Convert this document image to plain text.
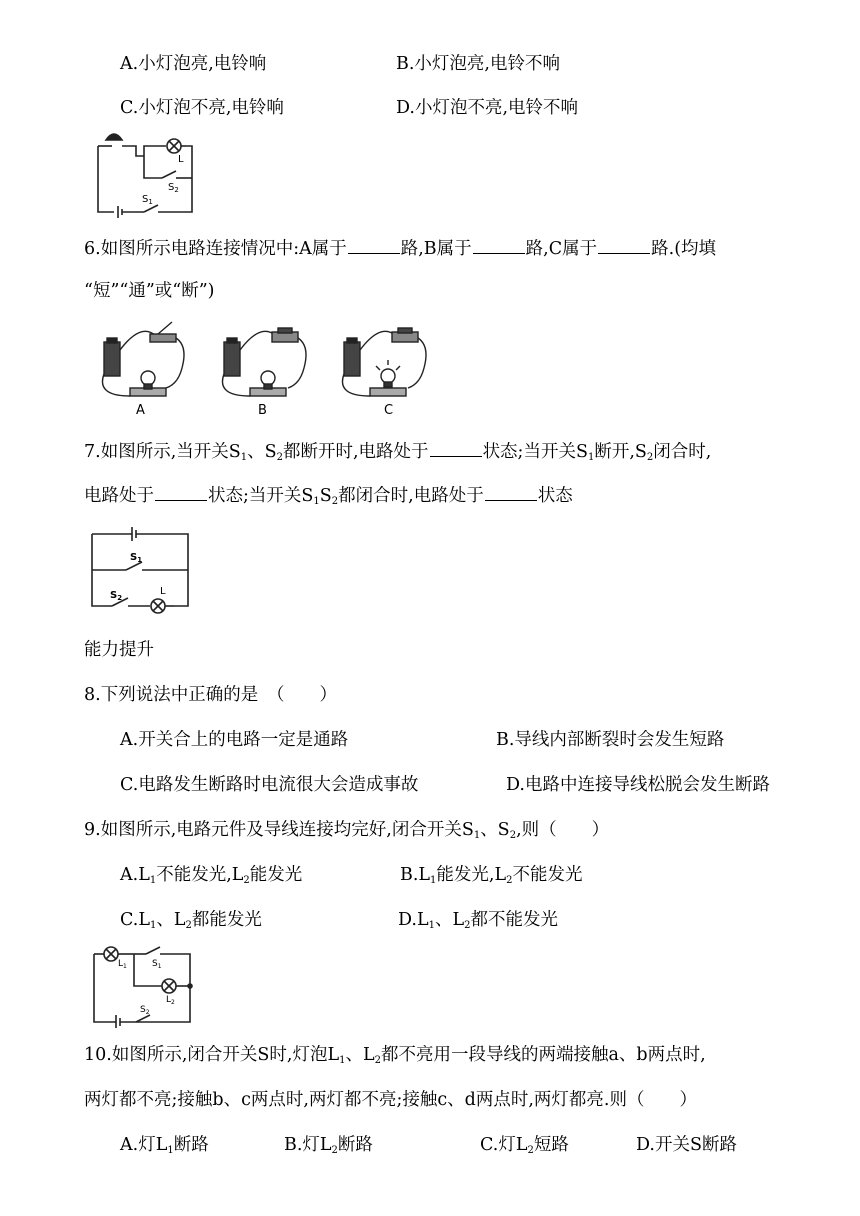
A.小灯泡亮,电铃响	B.小灯泡亮,电铃不响
C.小灯泡不亮,电铃响	D.小灯泡不亮,电铃不响
L
$S_2$
$S_1$
6.如图所示电路连接情况中:A属于	路,B属于	路,C属于	路.(均填
“短”“通”或“断”)
A	B	C
7.如图所示,当开关$S_1$、$S_2$都断开时,电路处于	状态;当开关$S_1$断开$,S_2$闭合时,
电路处于	状态;当开关$S_1S_2$都闭合时,电路处于	状态
$S_1$
$S_2$
L
能力提升
8.下列说法中正确的是　（　　）
A.开关合上的电路一定是通路	B.导线内部断裂时会发生短路
C.电路发生断路时电流很大会造成事故	D.电路中连接导线松脱会发生断路
9.如图所示,电路元件及导线连接均完好,闭合开关$S_1$、$S_2$,则（　　）
$A.L_1$不能发光$,L_2$能发光	$B.L_1$能发光$,L_2$不能发光
$C.L_1$、$L_2$都能发光	$D.L_1$、$L_2$都不能发光
$L_1$	$S_1$
$L_2$
$S_2$
10.如图所示,闭合开关S时,灯泡$L_1$、$L_2$都不亮用一段导线的两端接触a、b两点时,
两灯都不亮;接触b、c两点时,两灯都不亮;接触c、d两点时,两灯都亮.则（　　）
A.灯$L_1$断路	B.灯$L_2$断路	C.灯$L_2$短路	D.开关S断路
